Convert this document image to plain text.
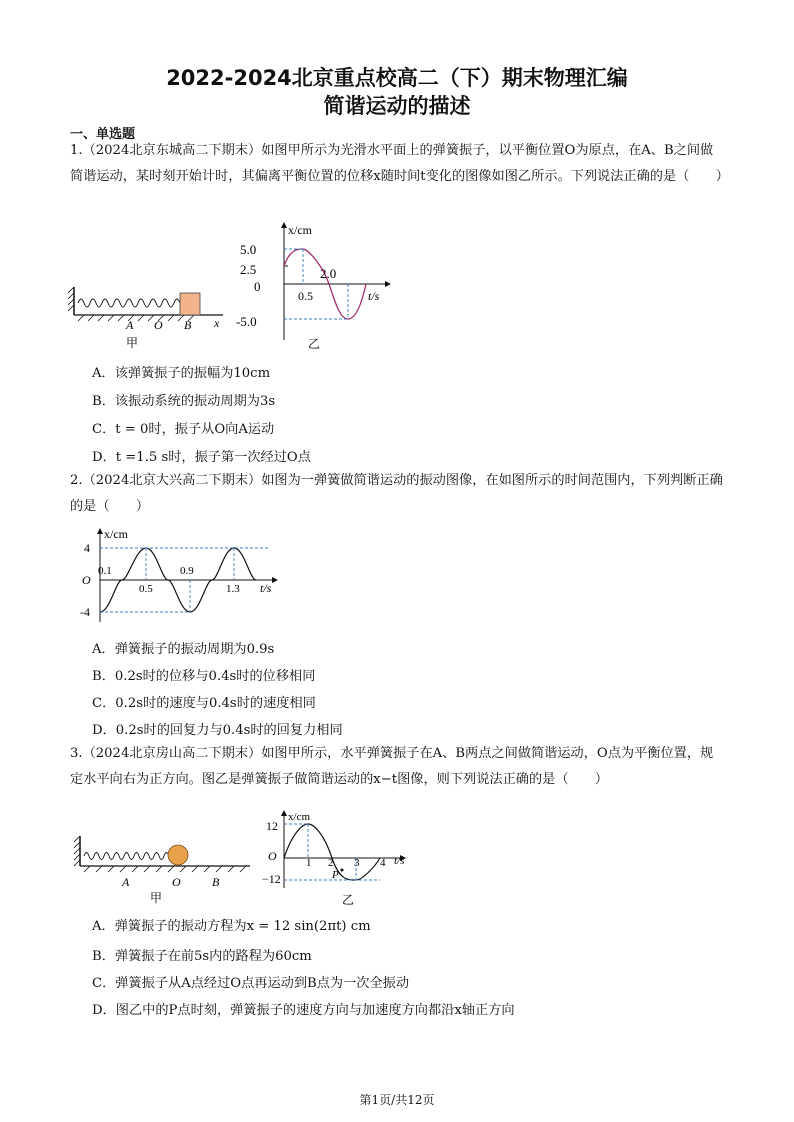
2022-2024北京重点校高二（下）期末物理汇编
简谐运动的描述
一、单选题
1.（2024北京东城高二下期末）如图甲所示为光滑水平面上的弹簧振子，以平衡位置O为原点，在A、B之间做简谐运动，某时刻开始计时，其偏离平衡位置的位移x随时间t变化的图像如图乙所示。下列说法正确的是（　　）
A O B x
甲
x/cm
t/s
5.0
2.5
0
-5.0
0.5
2.0
乙
A．该弹簧振子的振幅为10cm
B．该振动系统的振动周期为3s
C．t = 0时，振子从O向A运动
D．t =1.5 s时，振子第一次经过O点
2.（2024北京大兴高二下期末）如图为一弹簧做简谐运动的振动图像，在如图所示的时间范围内，下列判断正确的是（　　）
x/cm
t/s
4
O
-4
0.1
0.5
0.9
1.3
A．弹簧振子的振动周期为0.9s
B．0.2s时的位移与0.4s时的位移相同
C．0.2s时的速度与0.4s时的速度相同
D．0.2s时的回复力与0.4s时的回复力相同
3.（2024北京房山高二下期末）如图甲所示，水平弹簧振子在A、B两点之间做简谐运动，O点为平衡位置，规定水平向右为正方向。图乙是弹簧振子做简谐运动的x−t图像，则下列说法正确的是（　　）
A	O	B
甲
x/cm
t/s
12
O
−12
1 2 3 4
P
乙
A．弹簧振子的振动方程为x = 12 sin(2πt) cm
B．弹簧振子在前5s内的路程为60cm
C．弹簧振子从A点经过O点再运动到B点为一次全振动
D．图乙中的P点时刻，弹簧振子的速度方向与加速度方向都沿x轴正方向
第1页/共12页
